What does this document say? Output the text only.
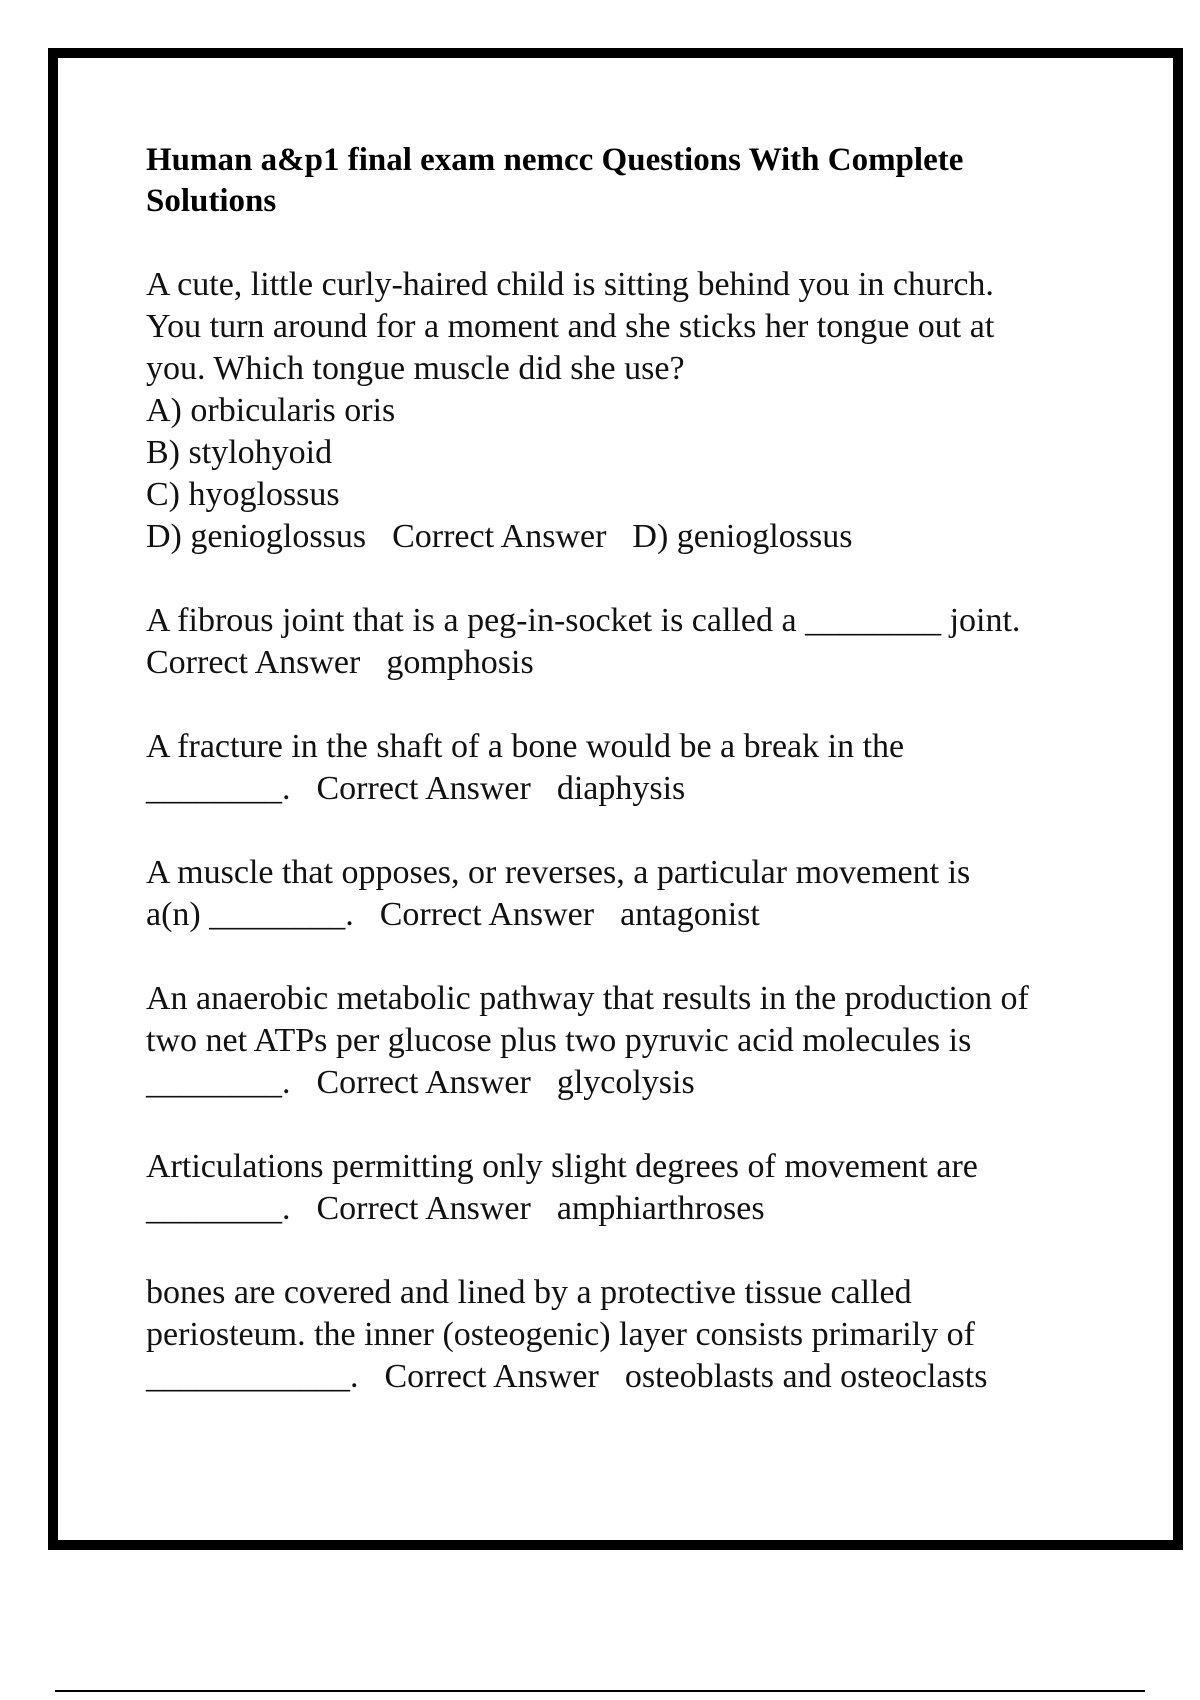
Human a&p1 final exam nemcc Questions With Complete
Solutions
A cute, little curly-haired child is sitting behind you in church.
You turn around for a moment and she sticks her tongue out at
you. Which tongue muscle did she use?
A) orbicularis oris
B) stylohyoid
C) hyoglossus
D) genioglossus Correct Answer D) genioglossus
A fibrous joint that is a peg-in-socket is called a ________ joint.
Correct Answer gomphosis
A fracture in the shaft of a bone would be a break in the
________. Correct Answer diaphysis
A muscle that opposes, or reverses, a particular movement is
a(n) ________. Correct Answer antagonist
An anaerobic metabolic pathway that results in the production of
two net ATPs per glucose plus two pyruvic acid molecules is
________. Correct Answer glycolysis
Articulations permitting only slight degrees of movement are
________. Correct Answer amphiarthroses
bones are covered and lined by a protective tissue called
periosteum. the inner (osteogenic) layer consists primarily of
____________. Correct Answer osteoblasts and osteoclasts
